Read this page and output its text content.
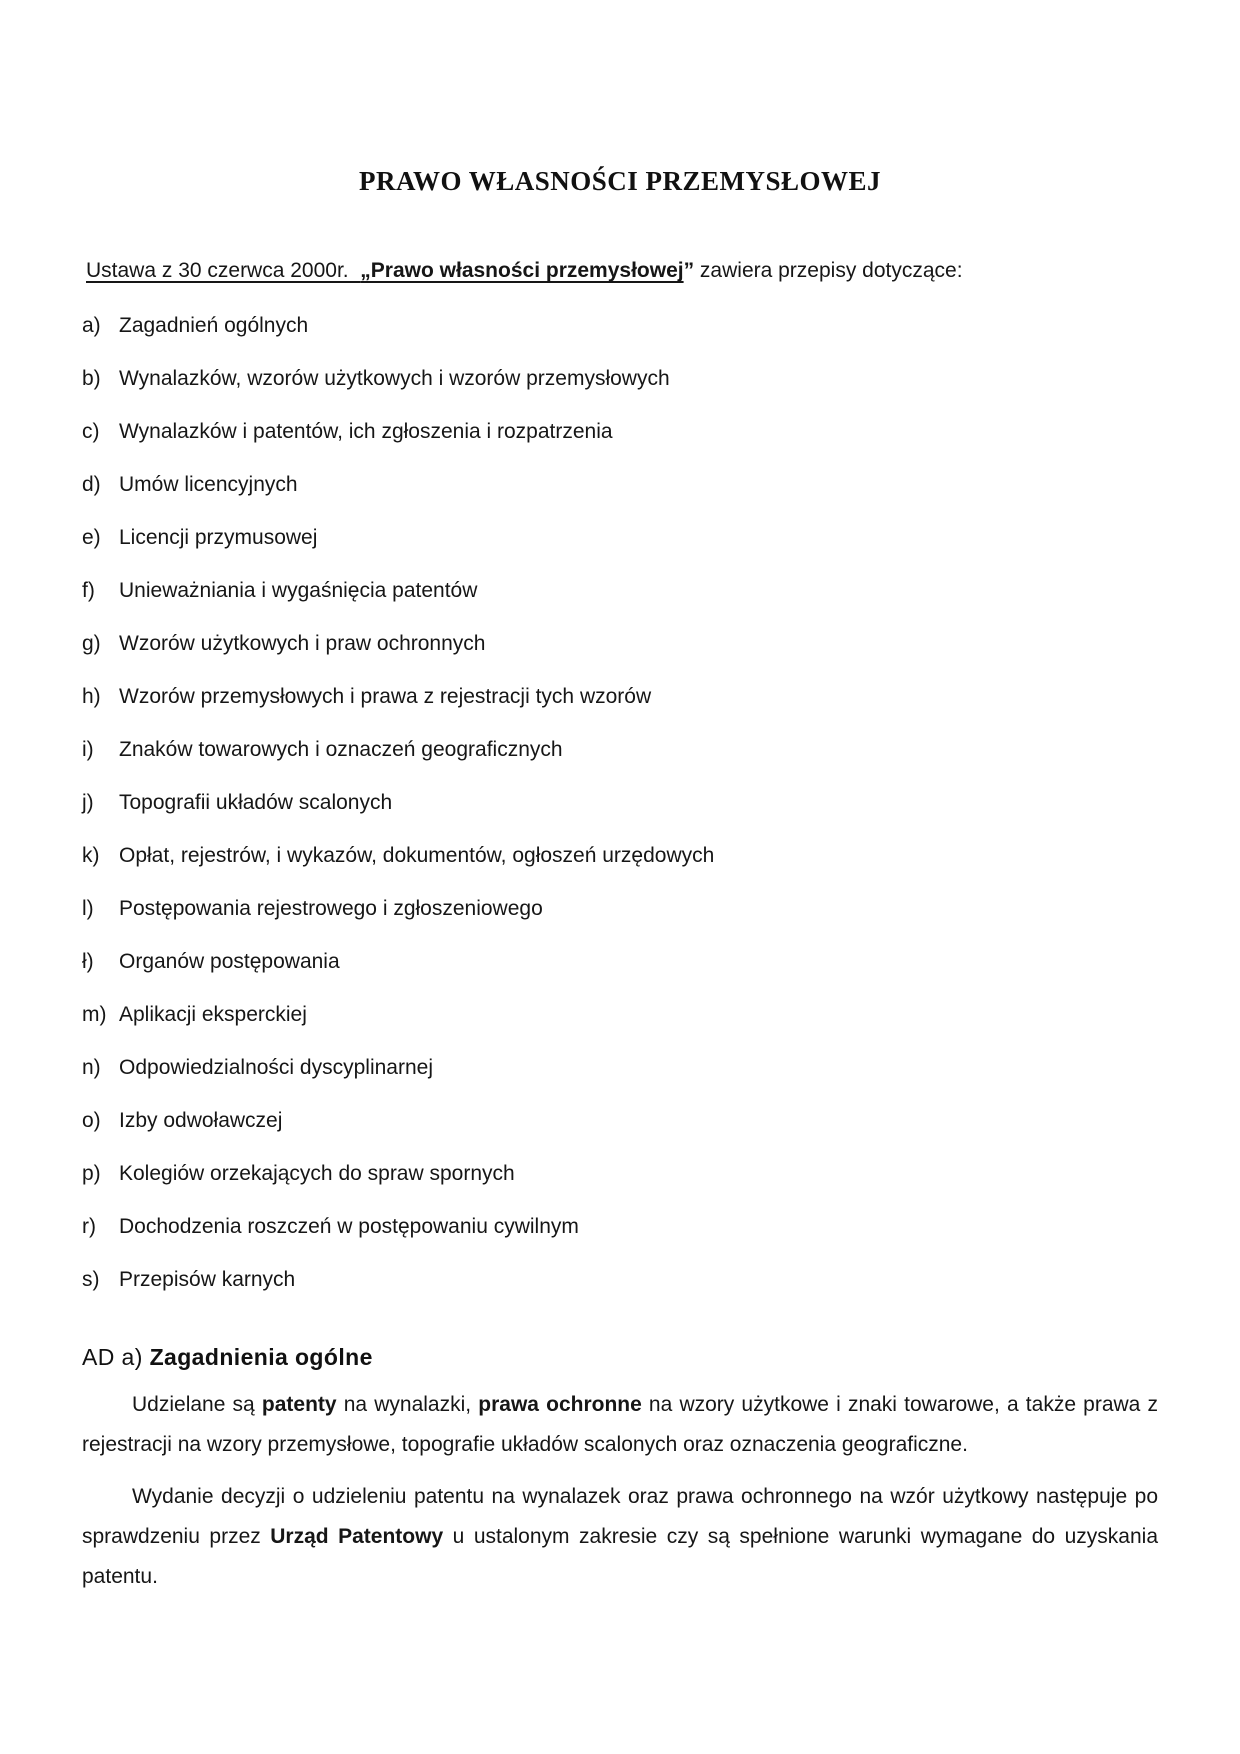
PRAWO WŁASNOŚCI PRZEMYSŁOWEJ

Ustawa z 30 czerwca 2000r.  „Prawo własności przemysłowej” zawiera przepisy dotyczące:

a) Zagadnień ogólnych
b) Wynalazków, wzorów użytkowych i wzorów przemysłowych
c) Wynalazków i patentów, ich zgłoszenia i rozpatrzenia
d) Umów licencyjnych
e) Licencji przymusowej
f)	Unieważniania i wygaśnięcia patentów
g) Wzorów użytkowych i praw ochronnych
h) Wzorów przemysłowych i prawa z rejestracji tych wzorów
i)	Znaków towarowych i oznaczeń geograficznych
j)	Topografii układów scalonych
k) Opłat, rejestrów, i wykazów, dokumentów, ogłoszeń urzędowych
l)	Postępowania rejestrowego i zgłoszeniowego
ł)	Organów postępowania
m) Aplikacji eksperckiej
n) Odpowiedzialności dyscyplinarnej
o) Izby odwoławczej
p) Kolegiów orzekających do spraw spornych
r)	Dochodzenia roszczeń w postępowaniu cywilnym
s) Przepisów karnych
AD a) Zagadnienia ogólne

Udzielane są patenty na wynalazki, prawa ochronne na wzory użytkowe i znaki towarowe, a także prawa z rejestracji na wzory przemysłowe, topografie układów scalonych oraz oznaczenia geograficzne.

Wydanie decyzji o udzieleniu patentu na wynalazek oraz prawa ochronnego na wzór użytkowy następuje po sprawdzeniu przez Urząd Patentowy u ustalonym zakresie czy są spełnione warunki wymagane do uzyskania patentu.
